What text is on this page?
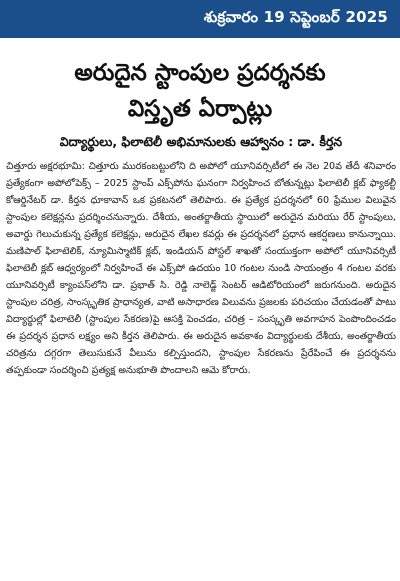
శుక్రవారం 19 సెప్టెంబర్ 2025
అరుదైన స్టాంపుల ప్రదర్శనకు
విస్తృత ఏర్పాట్లు
విద్యార్థులు, ఫిలాటెలీ అభిమానులకు ఆహ్వానం : డా. కీర్తన
చిత్తూరు అక్షరభూమి: చిత్తూరు మురకంబట్టులోని ది అపోలో యూనివర్సిటీలో ఈ నెల 20వ తేదీ శనివారం ప్రత్యేకంగా అపోలోపెక్స్ – 2025 స్టాంప్ ఎక్స్‌పోను ఘనంగా నిర్వహించ బోతున్నట్లు ఫిలాటెలీ క్లబ్ ఫ్యాకల్టీ కోఆర్డినేటర్ డా. కీర్తన ధూకావాన్ ఒక ప్రకటనలో తెలిపారు. ఈ ప్రత్యేక ప్రదర్శనలో 60 ఫ్రేముల విలువైన స్టాంపుల కలెక్షన్లను ప్రదర్శించనున్నారు. దేశీయ, అంతర్జాతీయ స్థాయిలో అరుదైన మరియు రేర్ స్టాంపులు, అవార్డు గెలుచుకున్న ప్రత్యేక కలెక్షన్లు, అరుదైన లేఖల కవర్లు ఈ ప్రదర్శనలో ప్రధాన ఆకర్షణలు కానున్నాయి. మణిపాల్ ఫిలాటెలిక్, న్యూమిస్మాటిక్ క్లబ్, ఇండియన్ పోస్టల్ శాఖతో సంయుక్తంగా అపోలో యూనివర్సిటీ ఫిలాటెలీ క్లబ్ ఆధ్వర్యంలో నిర్వహించే ఈ ఎక్స్‌పో ఉదయం 10 గంటల నుండి సాయంత్రం 4 గంటల వరకు యూనివర్సిటీ క్యాంపస్‌లోని డా. ప్రభాత్ సి. రెడ్డి నాలెడ్జ్ సెంటర్ ఆడిటోరియంలో జరుగనుంది. అరుదైన స్టాంపుల చరిత్ర, సాంస్కృతిక ప్రాధాన్యత, వాటి అసాధారణ విలువను ప్రజలకు పరిచయం చేయడంతో పాటు విద్యార్థుల్లో ఫిలాటెలీ (స్టాంపుల సేకరణ)పై ఆసక్తి పెంచడం, చరిత్ర – సంస్కృతి అవగాహన పెంపొందించడం ఈ ప్రదర్శన ప్రధాన లక్ష్యం అని కీర్తన తెలిపారు. ఈ అరుదైన అవకాశం విద్యార్థులకు దేశీయ, అంతర్జాతీయ చరిత్రను దగ్గరగా తెలుసుకునే వీలును కల్పిస్తుందని, స్టాంపుల సేకరణను ప్రేరేపించే ఈ ప్రదర్శనను తప్పకుండా సందర్శించి ప్రత్యక్ష అనుభూతి పొందాలని ఆమె కోరారు.
